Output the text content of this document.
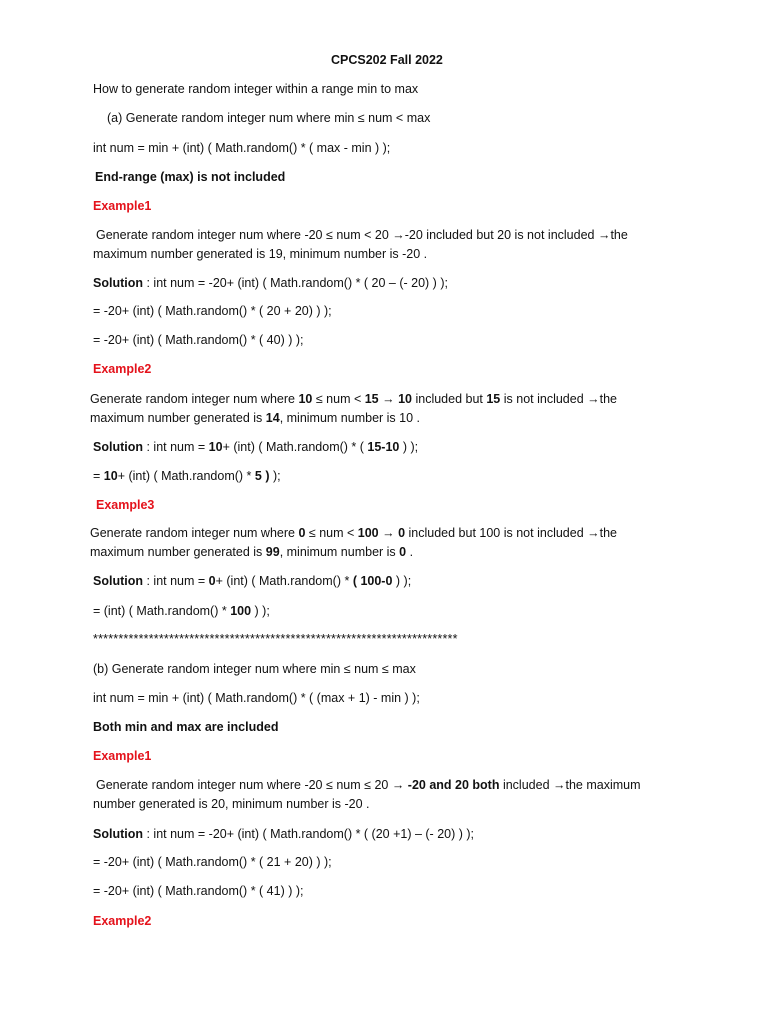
CPCS202 Fall 2022
How to generate random integer within a range min to max
(a) Generate random integer num where min ≤ num < max
int num = min + (int) ( Math.random() * ( max - min ) );
End-range (max) is not included
Example1
Generate random integer num where -20 ≤ num < 20 →-20 included but 20 is not included →the
maximum number generated is 19, minimum number is -20 .
Solution : int num = -20+ (int) ( Math.random() * ( 20 – (- 20) ) );
= -20+ (int) ( Math.random() * ( 20 + 20) ) );
= -20+ (int) ( Math.random() * ( 40) ) );
Example2
Generate random integer num where 10 ≤ num < 15 → 10 included but 15 is not included →the
maximum number generated is 14, minimum number is 10 .
Solution : int num = 10+ (int) ( Math.random() * ( 15-10 ) );
= 10+ (int) ( Math.random() * 5 ) );
Example3
Generate random integer num where 0 ≤ num < 100 → 0 included but 100 is not included →the
maximum number generated is 99, minimum number is 0 .
Solution : int num = 0+ (int) ( Math.random() * ( 100-0 ) );
= (int) ( Math.random() * 100 ) );
************************************************************************
(b) Generate random integer num where min ≤ num ≤ max
int num = min + (int) ( Math.random() * ( (max + 1) - min ) );
Both min and max are included
Example1
Generate random integer num where -20 ≤ num ≤ 20 → -20 and 20 both included →the maximum
number generated is 20, minimum number is -20 .
Solution : int num = -20+ (int) ( Math.random() * ( (20 +1) – (- 20) ) );
= -20+ (int) ( Math.random() * ( 21 + 20) ) );
= -20+ (int) ( Math.random() * ( 41) ) );
Example2
